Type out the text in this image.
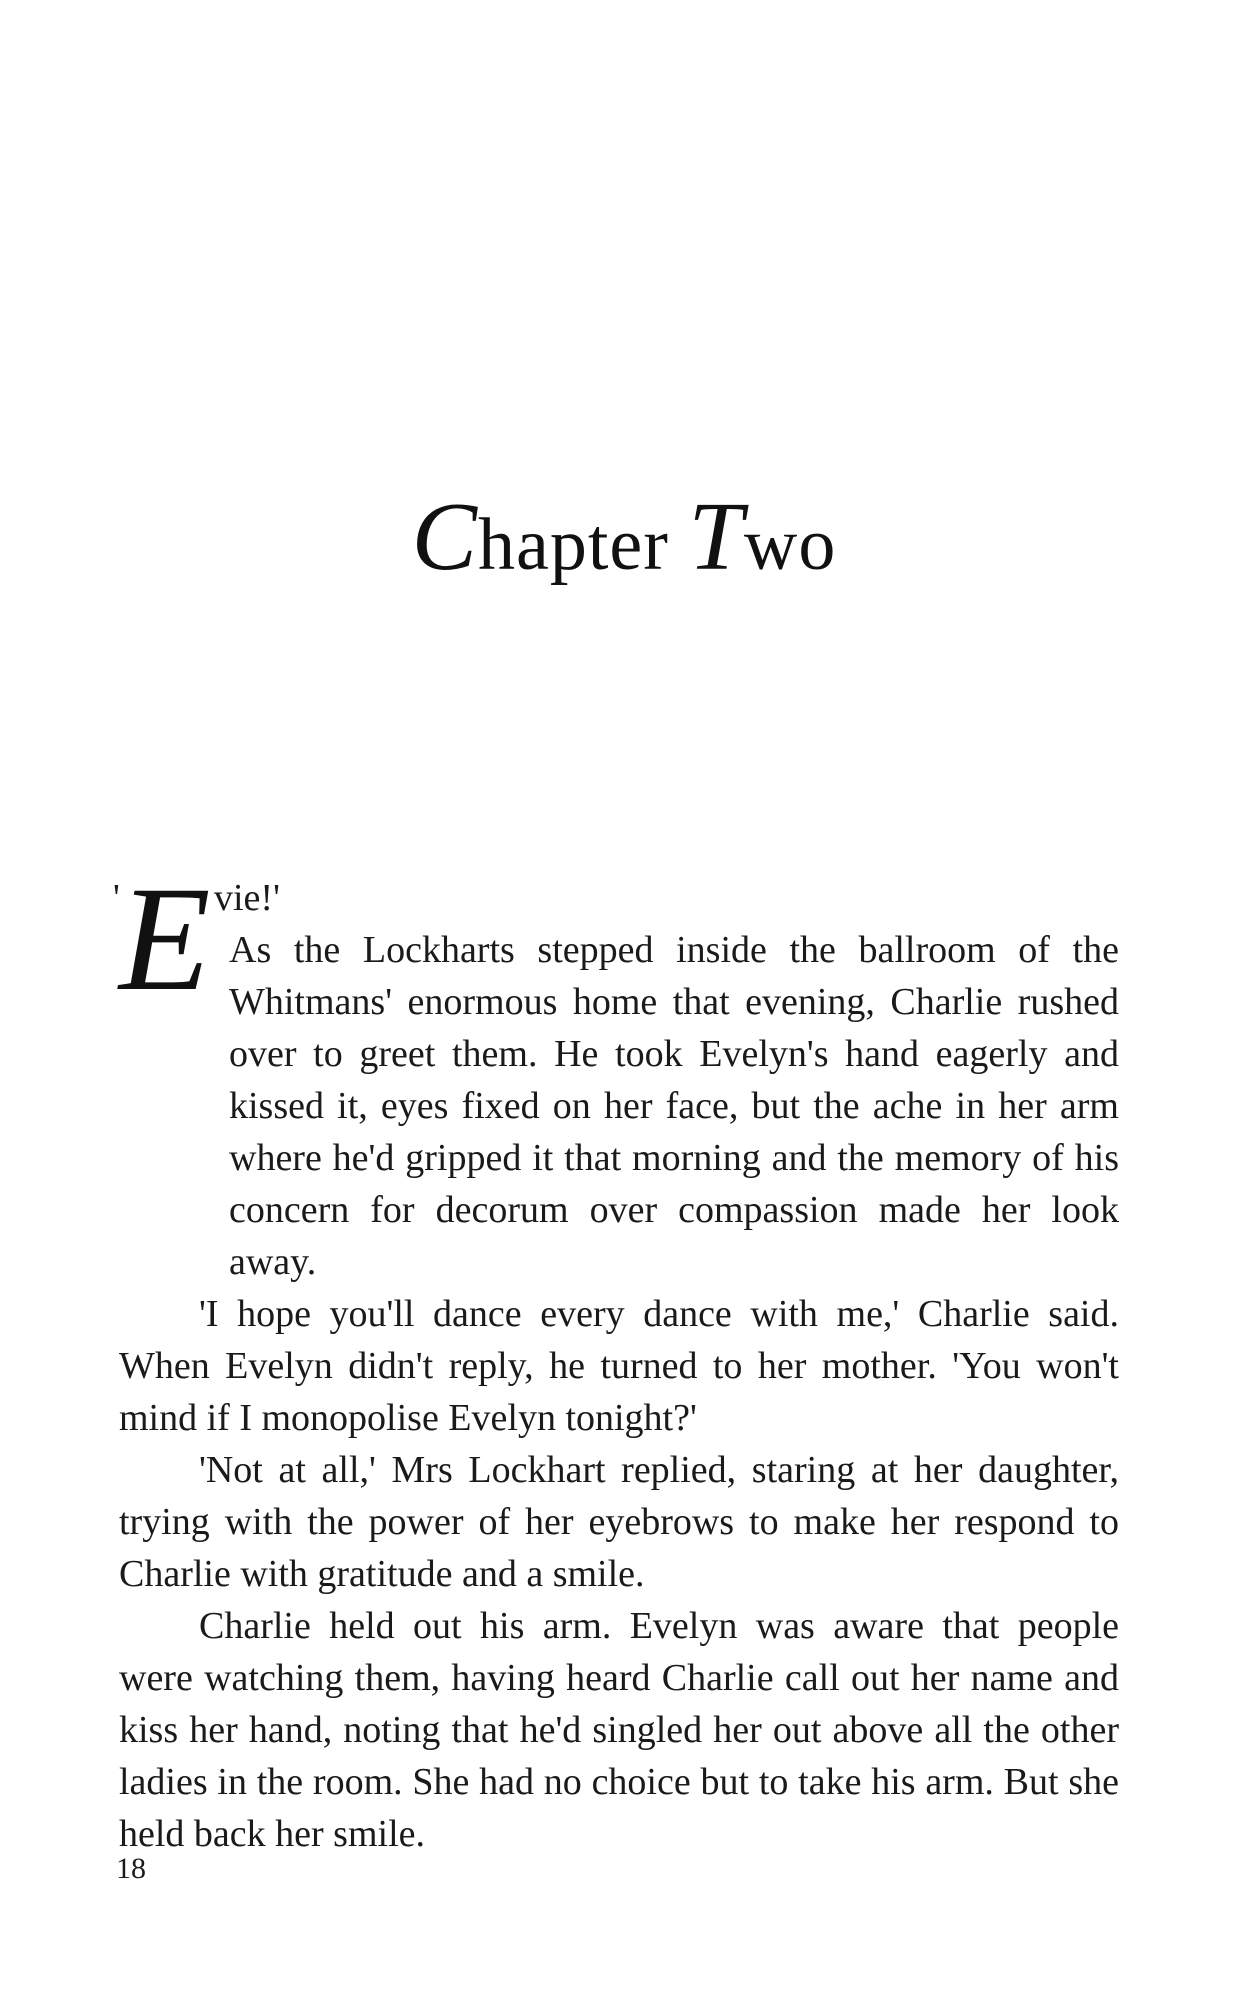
Chapter Two
' E vie!'

As the Lockharts stepped inside the ballroom of the Whitmans' enormous home that evening, Charlie rushed over to greet them. He took Evelyn's hand eagerly and kissed it, eyes fixed on her face, but the ache in her arm where he'd gripped it that morning and the memory of his concern for decorum over compassion made her look away.

'I hope you'll dance every dance with me,' Charlie said. When Evelyn didn't reply, he turned to her mother. 'You won't mind if I monopolise Evelyn tonight?'

'Not at all,' Mrs Lockhart replied, staring at her daughter, trying with the power of her eyebrows to make her respond to Charlie with gratitude and a smile.

Charlie held out his arm. Evelyn was aware that people were watching them, having heard Charlie call out her name and kiss her hand, noting that he'd singled her out above all the other ladies in the room. She had no choice but to take his arm. But she held back her smile.

18
